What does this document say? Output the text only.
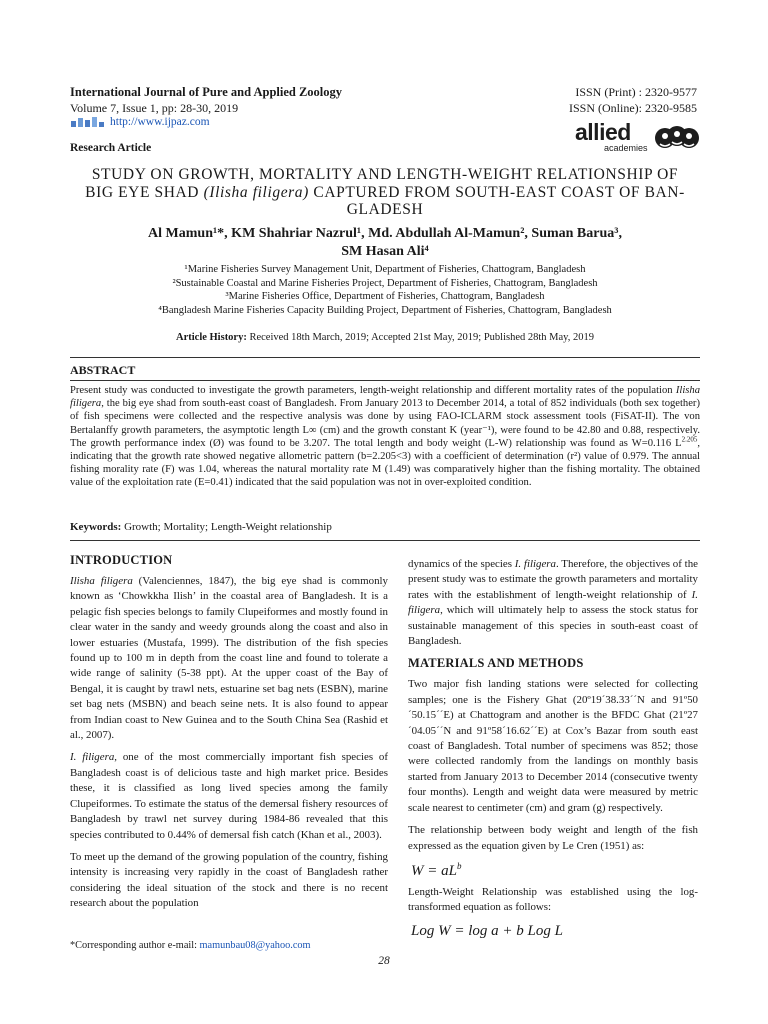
International Journal of Pure and Applied Zoology
Volume 7, Issue 1, pp: 28-30, 2019
http://www.ijpaz.com
Research Article
ISSN (Print) : 2320-9577
ISSN (Online): 2320-9585
allied
academies
STUDY ON GROWTH, MORTALITY AND LENGTH-WEIGHT RELATIONSHIP OF
BIG EYE SHAD (Ilisha filigera) CAPTURED FROM SOUTH-EAST COAST OF BAN-
GLADESH
Al Mamun¹*, KM Shahriar Nazrul¹, Md. Abdullah Al-Mamun², Suman Barua³,
SM Hasan Ali⁴
¹Marine Fisheries Survey Management Unit, Department of Fisheries, Chattogram, Bangladesh
²Sustainable Coastal and Marine Fisheries Project, Department of Fisheries, Chattogram, Bangladesh
³Marine Fisheries Office, Department of Fisheries, Chattogram, Bangladesh
⁴Bangladesh Marine Fisheries Capacity Building Project, Department of Fisheries, Chattogram, Bangladesh
Article History: Received 18th March, 2019; Accepted 21st May, 2019; Published 28th May, 2019
ABSTRACT
Present study was conducted to investigate the growth parameters, length-weight relationship and different mortality rates of the population Ilisha filigera, the big eye shad from south-east coast of Bangladesh. From January 2013 to December 2014, a total of 852 individuals (both sex together) of fish specimens were collected and the respective analysis was done by using FAO-ICLARM stock assessment tools (FiSAT-II). The von Bertalanffy growth parameters, the asymptotic length L∞ (cm) and the growth constant K (year⁻¹), were found to be 42.80 and 0.88, respectively. The growth performance index (Ø) was found to be 3.207. The total length and body weight (L-W) relationship was found as W=0.116 $L^{2.205}$, indicating that the growth rate showed negative allometric pattern (b=2.205<3) with a coefficient of determination (r²) value of 0.979. The annual fishing morality rate (F) was 1.04, whereas the natural mortality rate M (1.49) was comparatively higher than the fishing mortality. The obtained value of the exploitation rate (E=0.41) indicated that the said population was not in over-exploited condition.
Keywords: Growth; Mortality; Length-Weight relationship
INTRODUCTION
Ilisha filigera (Valenciennes, 1847), the big eye shad is commonly known as ‘Chowkkha Ilish’ in the coastal area of Bangladesh. It is a pelagic fish species belongs to family Clupeiformes and mostly found in clear water in the sandy and weedy grounds along the coast and also in lower estuaries (Mustafa, 1999). The distribution of the fish species found up to 100 m in depth from the coast line and found to tolerate a wide range of salinity (5-38 ppt). At the upper coast of the Bay of Bengal, it is caught by trawl nets, estuarine set bag nets (ESBN), marine set bag nets (MSBN) and beach seine nets. It is also found to appear from Indian coast to New Guinea and to the South China Sea (Rashid et al., 2007).
I. filigera, one of the most commercially important fish species of Bangladesh coast is of delicious taste and high market price. Besides these, it is classified as long lived species among the family Clupeiformes. To estimate the status of the demersal fishery resources of Bangladesh by trawl net survey during 1984-86 revealed that this species contributed to 0.44% of demersal fish catch (Khan et al., 2003).
To meet up the demand of the growing population of the country, fishing intensity is increasing very rapidly in the coast of Bangladesh rather considering the ideal situation of the stock and there is no recent research about the population
dynamics of the species I. filigera. Therefore, the objectives of the present study was to estimate the growth parameters and mortality rates with the establishment of length-weight relationship of I. filigera, which will ultimately help to assess the stock status for sustainable management of this species in south-east coast of Bangladesh.
MATERIALS AND METHODS
Two major fish landing stations were selected for collecting samples; one is the Fishery Ghat (20º19´38.33´´N and 91º50´50.15´´E) at Chattogram and another is the BFDC Ghat (21º27´04.05´´N and 91º58´16.62´´E) at Cox’s Bazar from south east coast of Bangladesh. Total number of specimens was 852; those were collected randomly from the landings on monthly basis started from January 2013 to December 2014 (consecutive twenty four months). Length and weight data were measured by metric scale nearest to centimeter (cm) and gram (g) respectively.
The relationship between body weight and length of the fish expressed as the equation given by Le Cren (1951) as:
$W = aL^b$
Length-Weight Relationship was established using the log-transformed equation as follows:
Log W = log a + b Log L
*Corresponding author e-mail: mamunbau08@yahoo.com
28
